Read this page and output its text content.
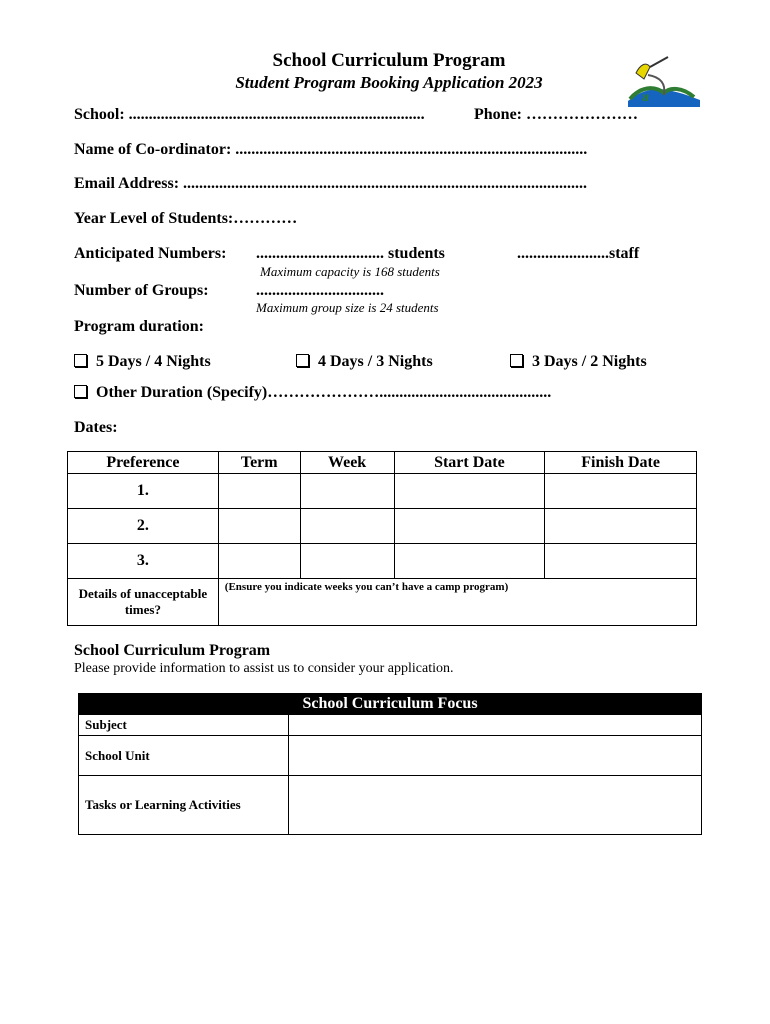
School Curriculum Program
Student Program Booking Application 2023
ᴚ
School: ..........................................................................	Phone: …………………
Name of Co-ordinator: ........................................................................................
Email Address: .....................................................................................................
Year Level of Students:…………
Anticipated Numbers: ................................ students	.......................staff
Maximum capacity is 168 students
Number of Groups:	................................
Maximum group size is 24 students
Program duration:
5 Days / 4 Nights	4 Days / 3 Nights	3 Days / 2 Nights
Other Duration (Specify)…………………...........................................
Dates:
Preference	Term	Week	Start Date	Finish Date
1.				
2.				
3.				
Details of unacceptable times?	(Ensure you indicate weeks you can’t have a camp program)			
School Curriculum Program
Please provide information to assist us to consider your application.
School Curriculum Focus	
Subject	
School Unit	
Tasks or Learning Activities	
